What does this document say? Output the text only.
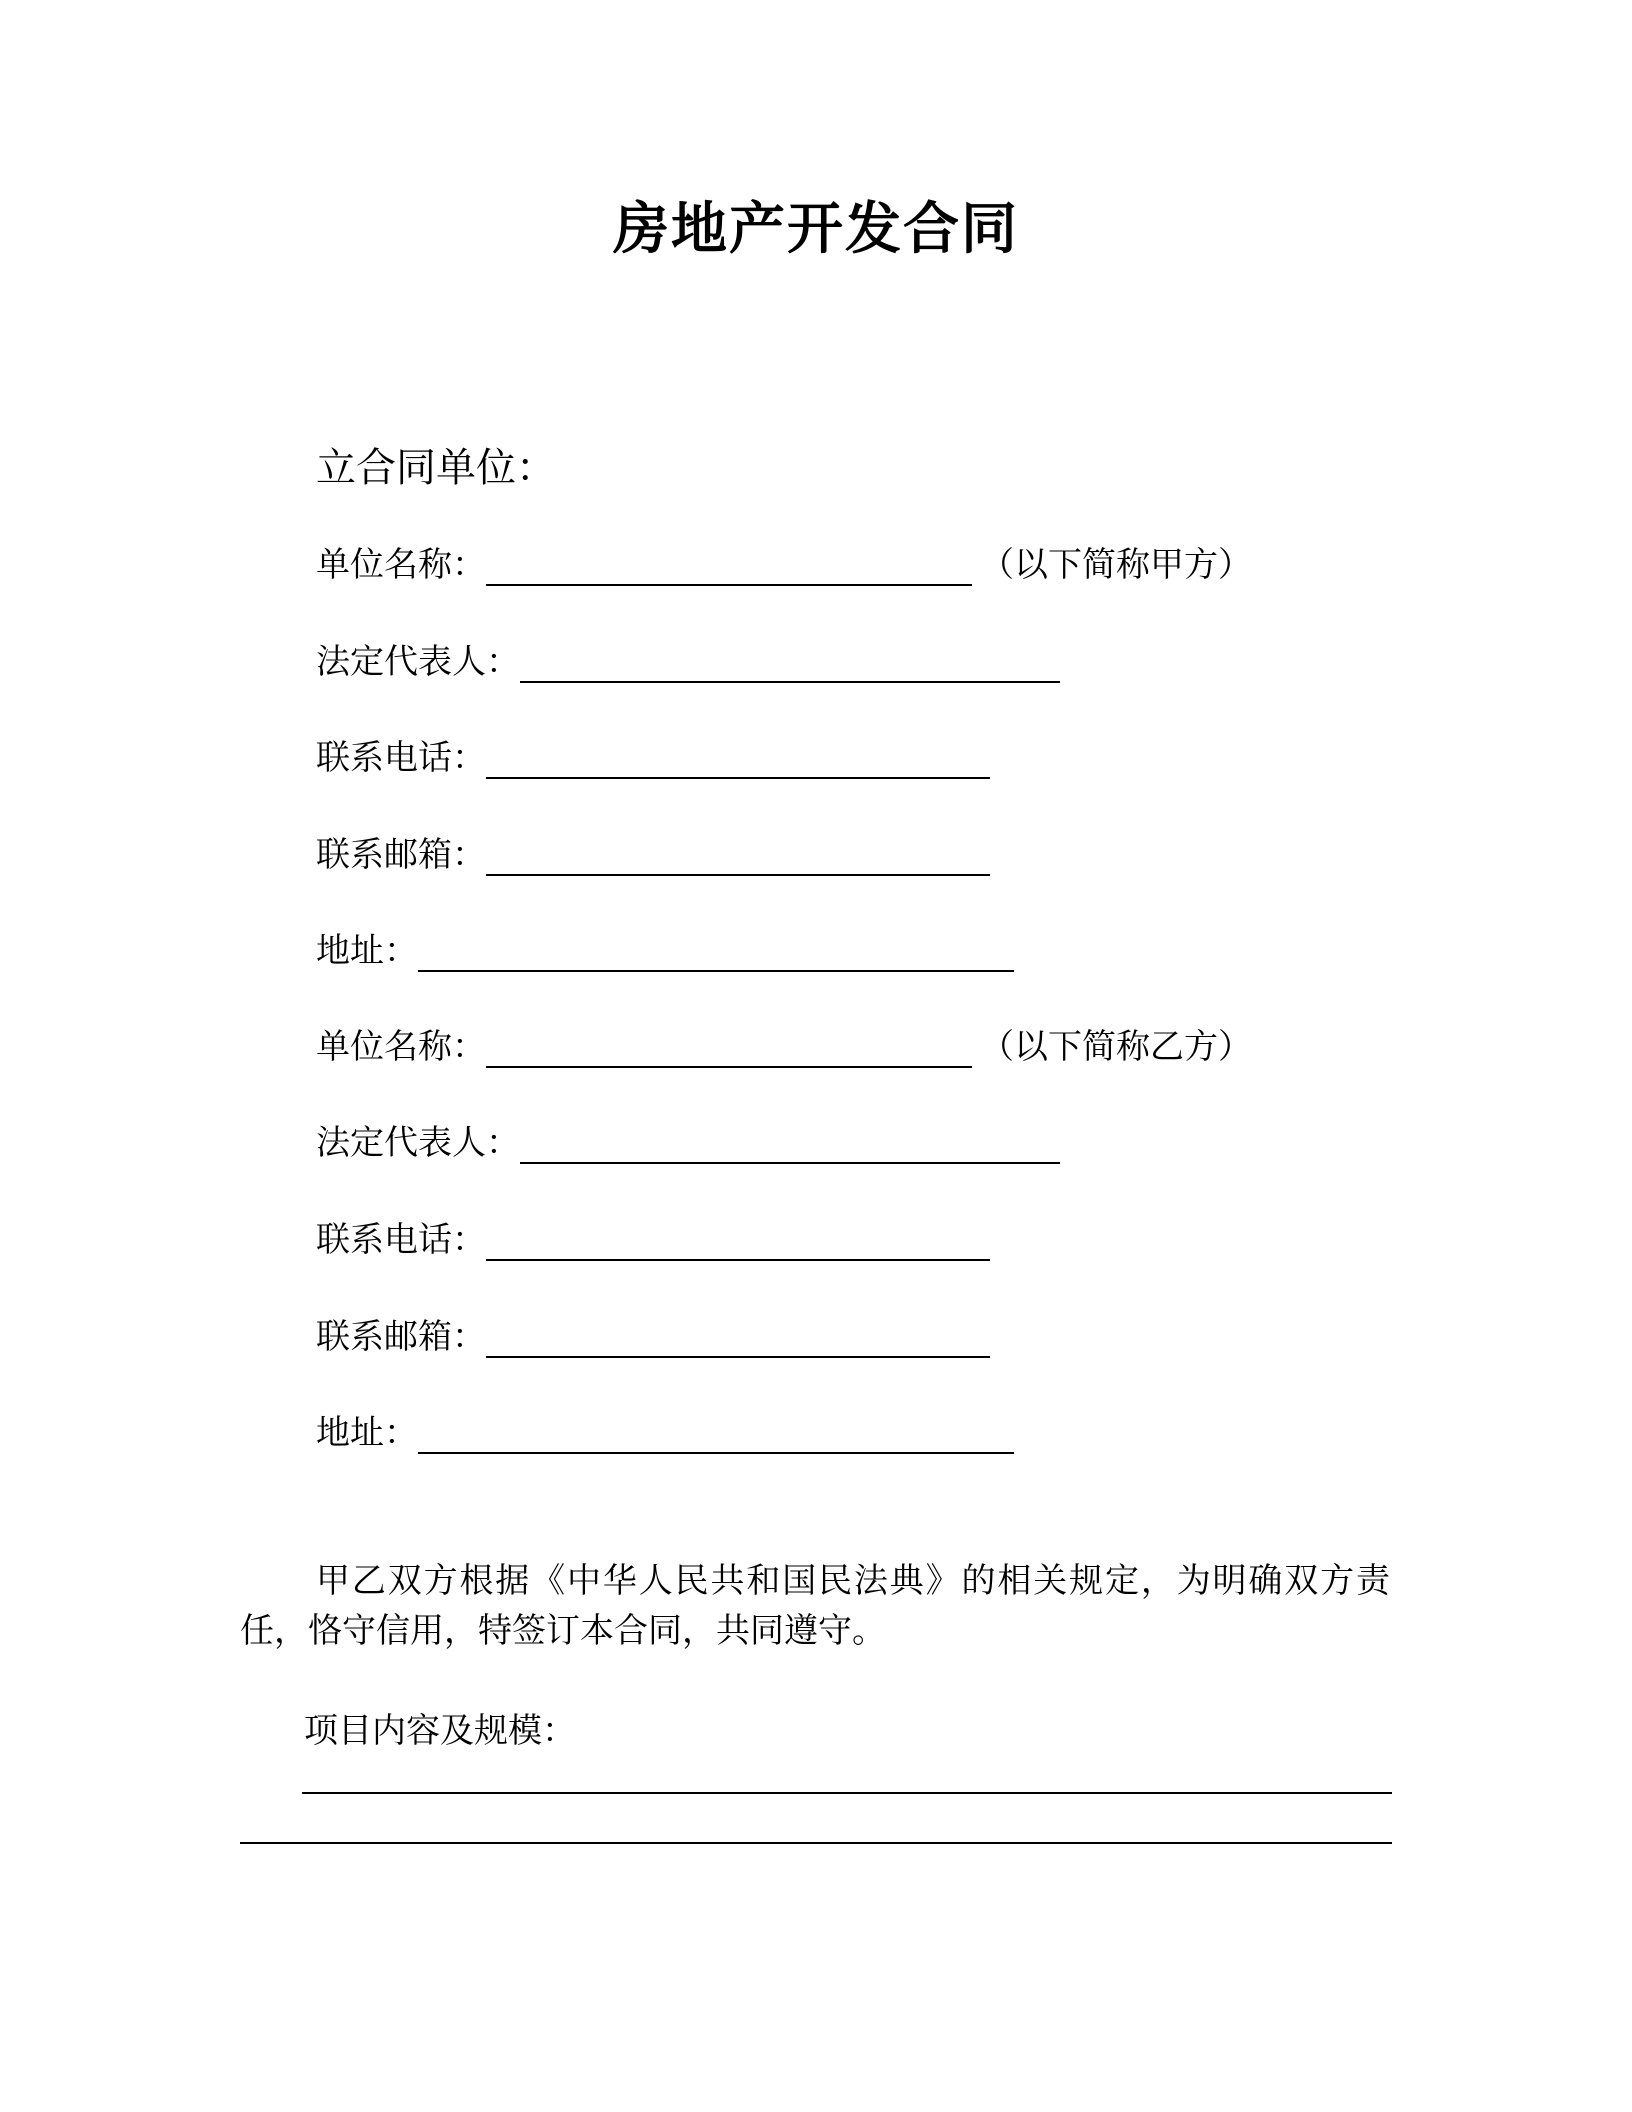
房地产开发合同
立合同单位：
单位名称：	（以下简称甲方）
法定代表人：
联系电话：
联系邮箱：
地址：
单位名称：	（以下简称乙方）
法定代表人：
联系电话：
联系邮箱：
地址：
甲乙双方根据《中华人民共和国民法典》的相关规定，为明确双方责任，恪守信用，特签订本合同，共同遵守。
项目内容及规模：
